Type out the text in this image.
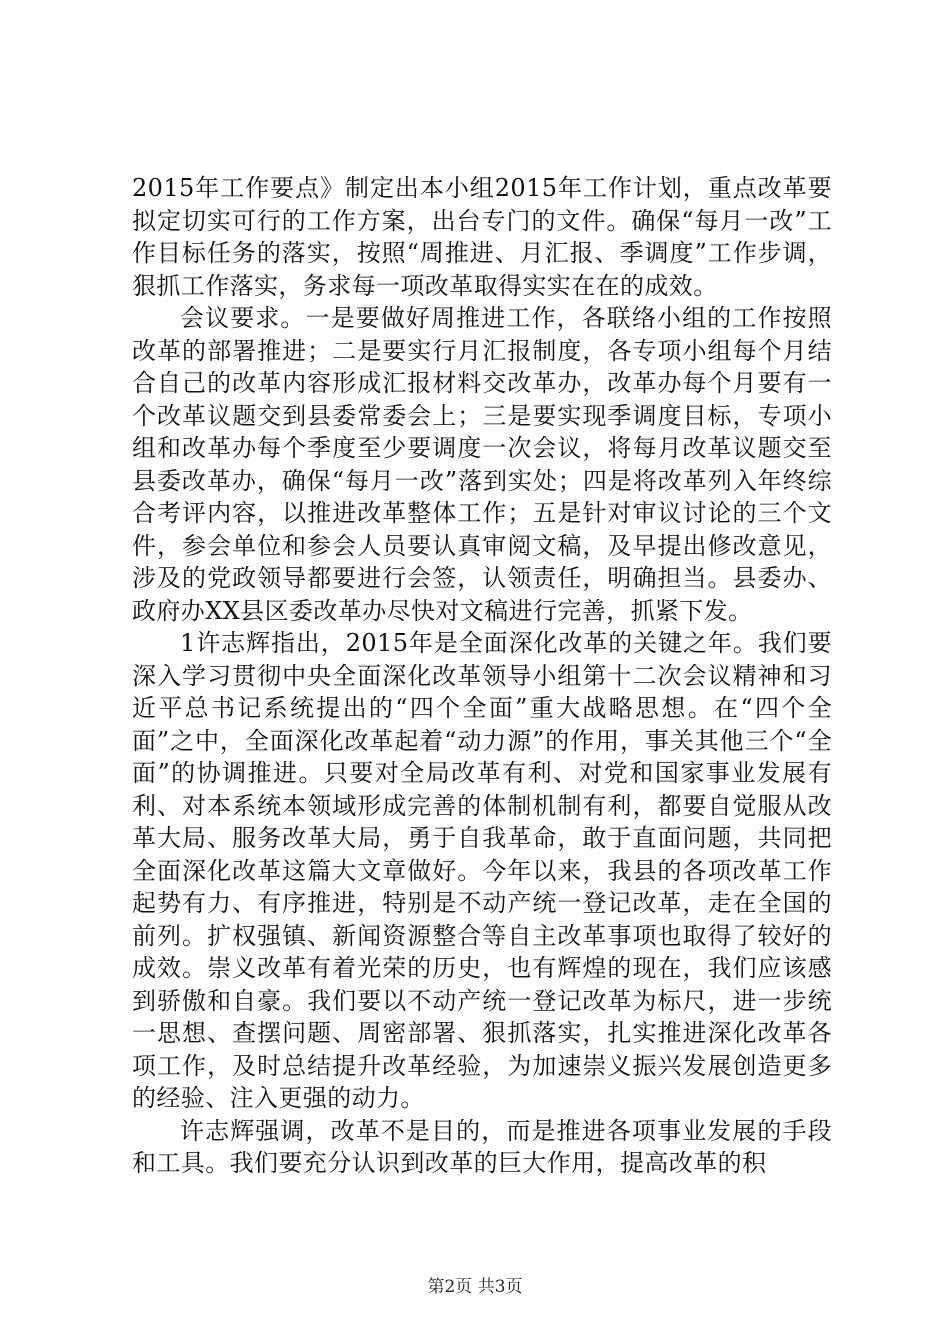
2015年工作要点》制定出本小组2015年工作计划，重点改革要拟定切实可行的工作方案，出台专门的文件。确保“每月一改”工作目标任务的落实，按照“周推进、月汇报、季调度”工作步调，狠抓工作落实，务求每一项改革取得实实在在的成效。

会议要求。一是要做好周推进工作，各联络小组的工作按照改革的部署推进；二是要实行月汇报制度，各专项小组每个月结合自己的改革内容形成汇报材料交改革办，改革办每个月要有一个改革议题交到县委常委会上；三是要实现季调度目标，专项小组和改革办每个季度至少要调度一次会议，将每月改革议题交至县委改革办，确保“每月一改”落到实处；四是将改革列入年终综合考评内容，以推进改革整体工作；五是针对审议讨论的三个文件，参会单位和参会人员要认真审阅文稿，及早提出修改意见，涉及的党政领导都要进行会签，认领责任，明确担当。县委办、政府办XX县区委改革办尽快对文稿进行完善，抓紧下发。

1许志辉指出，2015年是全面深化改革的关键之年。我们要深入学习贯彻中央全面深化改革领导小组第十二次会议精神和习近平总书记系统提出的“四个全面”重大战略思想。在“四个全面”之中，全面深化改革起着“动力源”的作用，事关其他三个“全面”的协调推进。只要对全局改革有利、对党和国家事业发展有利、对本系统本领域形成完善的体制机制有利，都要自觉服从改革大局、服务改革大局，勇于自我革命，敢于直面问题，共同把全面深化改革这篇大文章做好。今年以来，我县的各项改革工作起势有力、有序推进，特别是不动产统一登记改革，走在全国的前列。扩权强镇、新闻资源整合等自主改革事项也取得了较好的成效。崇义改革有着光荣的历史，也有辉煌的现在，我们应该感到骄傲和自豪。我们要以不动产统一登记改革为标尺，进一步统一思想、查摆问题、周密部署、狠抓落实，扎实推进深化改革各项工作，及时总结提升改革经验，为加速崇义振兴发展创造更多的经验、注入更强的动力。

许志辉强调，改革不是目的，而是推进各项事业发展的手段和工具。我们要充分认识到改革的巨大作用，提高改革的积

第2页 共3页
